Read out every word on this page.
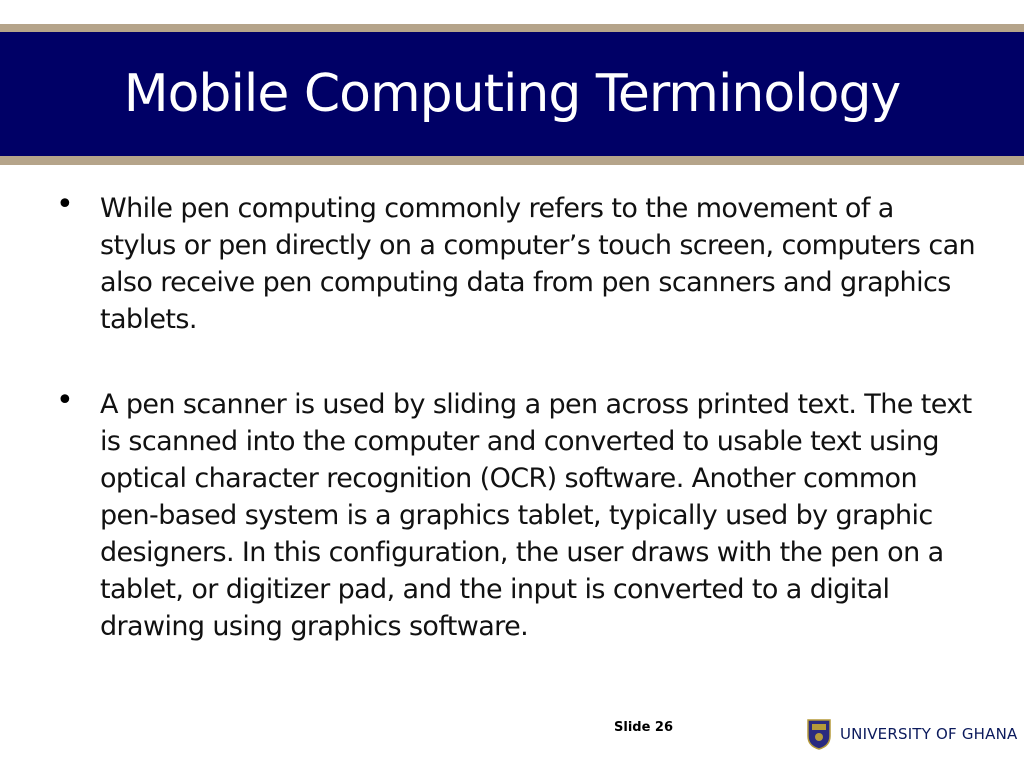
Mobile Computing Terminology
• While pen computing commonly refers to the movement of a stylus or pen directly on a computer’s touch screen, computers can also receive pen computing data from pen scanners and graphics tablets.
• A pen scanner is used by sliding a pen across printed text. The text is scanned into the computer and converted to usable text using optical character recognition (OCR) software. Another common pen-based system is a graphics tablet, typically used by graphic designers. In this configuration, the user draws with the pen on a tablet, or digitizer pad, and the input is converted to a digital drawing using graphics software.
Slide 26	UNIVERSITY OF GHANA
